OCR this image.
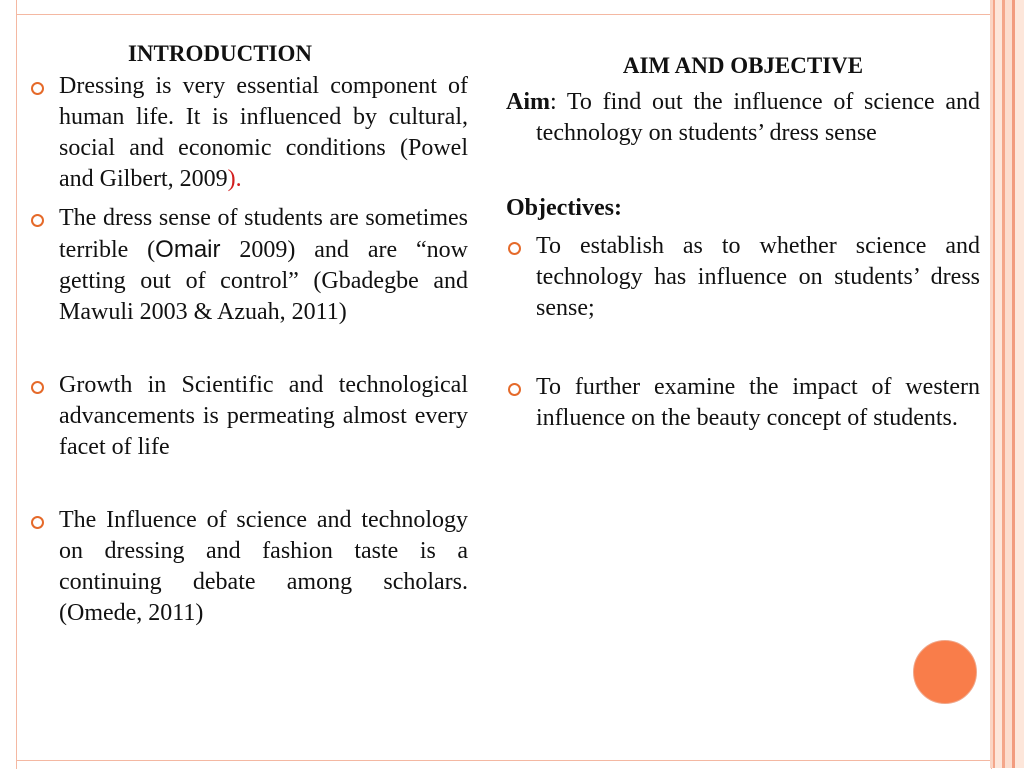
INTRODUCTION
Dressing is very essential component of human life. It is influenced by cultural, social and economic conditions (Powel and Gilbert, 2009).
The dress sense of students are sometimes terrible (Omair 2009) and are “now getting out of control” (Gbadegbe and Mawuli 2003 & Azuah, 2011)
Growth in Scientific and technological advancements is permeating almost every facet of life
The Influence of science and technology on dressing and fashion taste is a continuing debate among scholars.(Omede, 2011)
AIM AND OBJECTIVE
Aim: To find out the influence of science and technology on students’ dress sense
Objectives:
To establish as to whether science and technology has influence on students’ dress sense;
To further examine the impact of western influence on the beauty concept of students.
